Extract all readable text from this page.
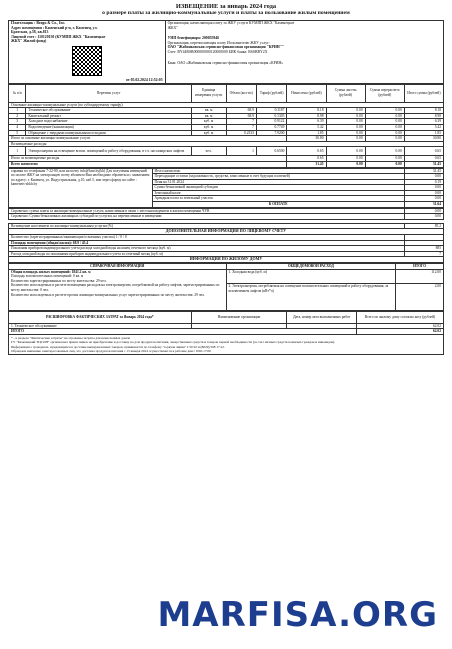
ИЗВЕЩЕНИЕ за январь 2024 года
о размере платы за жилищно-коммунальные услуги и платы за пользование жилым помещением
Плательщик : Bragu & Co., Inc.
Адрес помещения : Каменский р-н, г. Каменец, ул.
Братская, д.58, кв.813
Лицевой счет : 110120150 (КУМПП ЖКХ "Каменецкое
ЖКХ" Жилой фонд)
от 05.02.2024 12:52:05

Организация, начисляющая плату за ЖКУ услуги КУМПП ЖКХ "Каменецкое
ЖКХ"
УНП бенефициара: 200055946
Организация, перечисляющая плату Исполнителю ЖКУ услуг:
ОАО "Жабинковская сервисно-финансовая организация "КРИН""
Счет: BY44BSB000000000120000000 БИК банка: BSSBBY2X
Банк: ОАО «Жабинковская сервисно-финансовая организация «КРИН»
№ п/п	Перечень услуг	Единица измерения услуги	Объем (кол-во)	Тариф (рублей)	Начислено (рублей)	Сумма льготы (рублей)	Сумма перерасчета (рублей)	Итого сумма (рублей)
Основные жилищно-коммунальные услуги (по субсидируемому тарифу):								
1	Техническое обслуживание	кв. м	68.9	0.1187	8.18	0.00	0.00	8.18
2	Капитальный ремонт	кв. м	68.9	0.1305	8.98	0.00	0.00	8.98
3	Холодное водоснабжение	куб. м	7	0.9122	6.39	0.00	0.00	6.39
4	Водоотведение (канализация)	куб. м	7	0.7749	5.42	0.00	0.00	5.42
5	Обращение с твердыми коммунальными отходами	куб. м	0.2333	7.9200	1.85	0.00	0.00	1.85
Итого за основные жилищно-коммунальные услуги					30.80	0.00	0.00	30.80
Возмещаемые расходы:								
1	Электроэнергия на освещение вспом. помещений и работу оборудования, в т.ч. пассажирских лифтов	чел.	1	0.6500	0.65	0.00	0.00	0.65
Итого за возмещаемые расходы					0.65	0.00	0.00	0.65
Всего начислено					31.45	0.00	0.00	31.45
справки по телефонам 7-22-00, или на почту info@kmr.by(kh) Для получения извещений по оплате ЖКУ на электронную почту абонента Вам необходимо обратиться с заявлением по адресу: г. Каменец, ул. Индустриальная, д.10, каб.5, или через форму на сайте : kamenets-zhkh.by	Итого начислено	31.45
	Переходящие остатки (задолженность, средства, зачисленные в счет будущих платежей)	0.00
	Пеня на 31.01.2024	0.19
	Сумма безналичной жилищной субсидии	0.00
	Земельный налог	0.00
	Арендная плата за земельный участок	0.00
	К ОПЛАТЕ	31.64
Справочно: сумма платы за жилищно-коммунальные услуги, начисленная в связи с местонахождением в жилом помещении ЧУВ	0.00
Справочно: Сумма безналичных жилищных субсидий по услугам, на перечисленные в извещении	0.00
Возмещение населением по жилищно-коммунальным услугам (%)	85.2
ДОПОЛНИТЕЛЬНАЯ ИНФОРМАЦИЯ ПО ЛИЦЕВОМУ СЧЕТУ	
Количество (зарегистрированных/занимающих/освоенных участка) 1 / 0 / 0	
Площадь помещения (общая/жилая): 68.9 / 45.4	
Показания приборов индивидуального учета расхода холодной воды на конец отчетного месяца (куб. м)	885
Расход холодной воды по показаниям приборов индивидуального учета за отчетный месяц (куб. м)	7
ИНФОРМАЦИЯ ПО ЖИЛОМУ ДОМУ	
СПРАВОЧНАЯ ИНФОРМАЦИЯ	ОБЩЕДОМОВОЙ РАСХОД	ИТОГО

Общая площадь жилых помещений: 1841.2 кв. м
Площадь вспомогательных помещений: 0 кв. м
Количество зарегистрированных по месту жительства: 29 чел.
Количество используемых в расчете возмещения расходов на электроэнергию, потребляемой на работу лифтов, зарегистрированных по месту жительства: 0 чел.
Количество используемых в расчете прочих жилищно-коммунальных услуг зарегистрированных по месту жительства: 29 чел.	1. Холодная вода (куб. м)	112.00
	2. Электроэнергия, потребляемая на освещение вспомогательных помещений и работу оборудования, за исключением лифтов (кВт*ч)	2.00
РАСШИФРОВКА ФАКТИЧЕСКИХ ЗАТРАТ за Январь 2024 года*	Наименование организации	Дата, номер акта выполненных работ	Всего по жилому дому согласно акту (рублей)
1. Техническое обслуживание			62.02
ИТОГО			62.02
* - в разделе "Фактические затраты" не отражены затраты для нечисленных домов
ГУ "Каменецкий ТЦСОН" организовал прием заявок на приобретение и доставку на дом продуктов питания, лекарственных средств и товаров первой необходимости (за счет личных средств пожилых граждан и инвалидов).
Информация о гражданах, нуждающихся в доставке вышеуказанных товаров, принимается по телефону "горячая линия" 2 50 02 и (8029) 508 17 22.
Обращаем внимание заинтересованных лиц, что доставка продуктов питания с 13 января 2024 осуществляется в рабочие дни с 8:00-17:00
MARFISA.ORG
